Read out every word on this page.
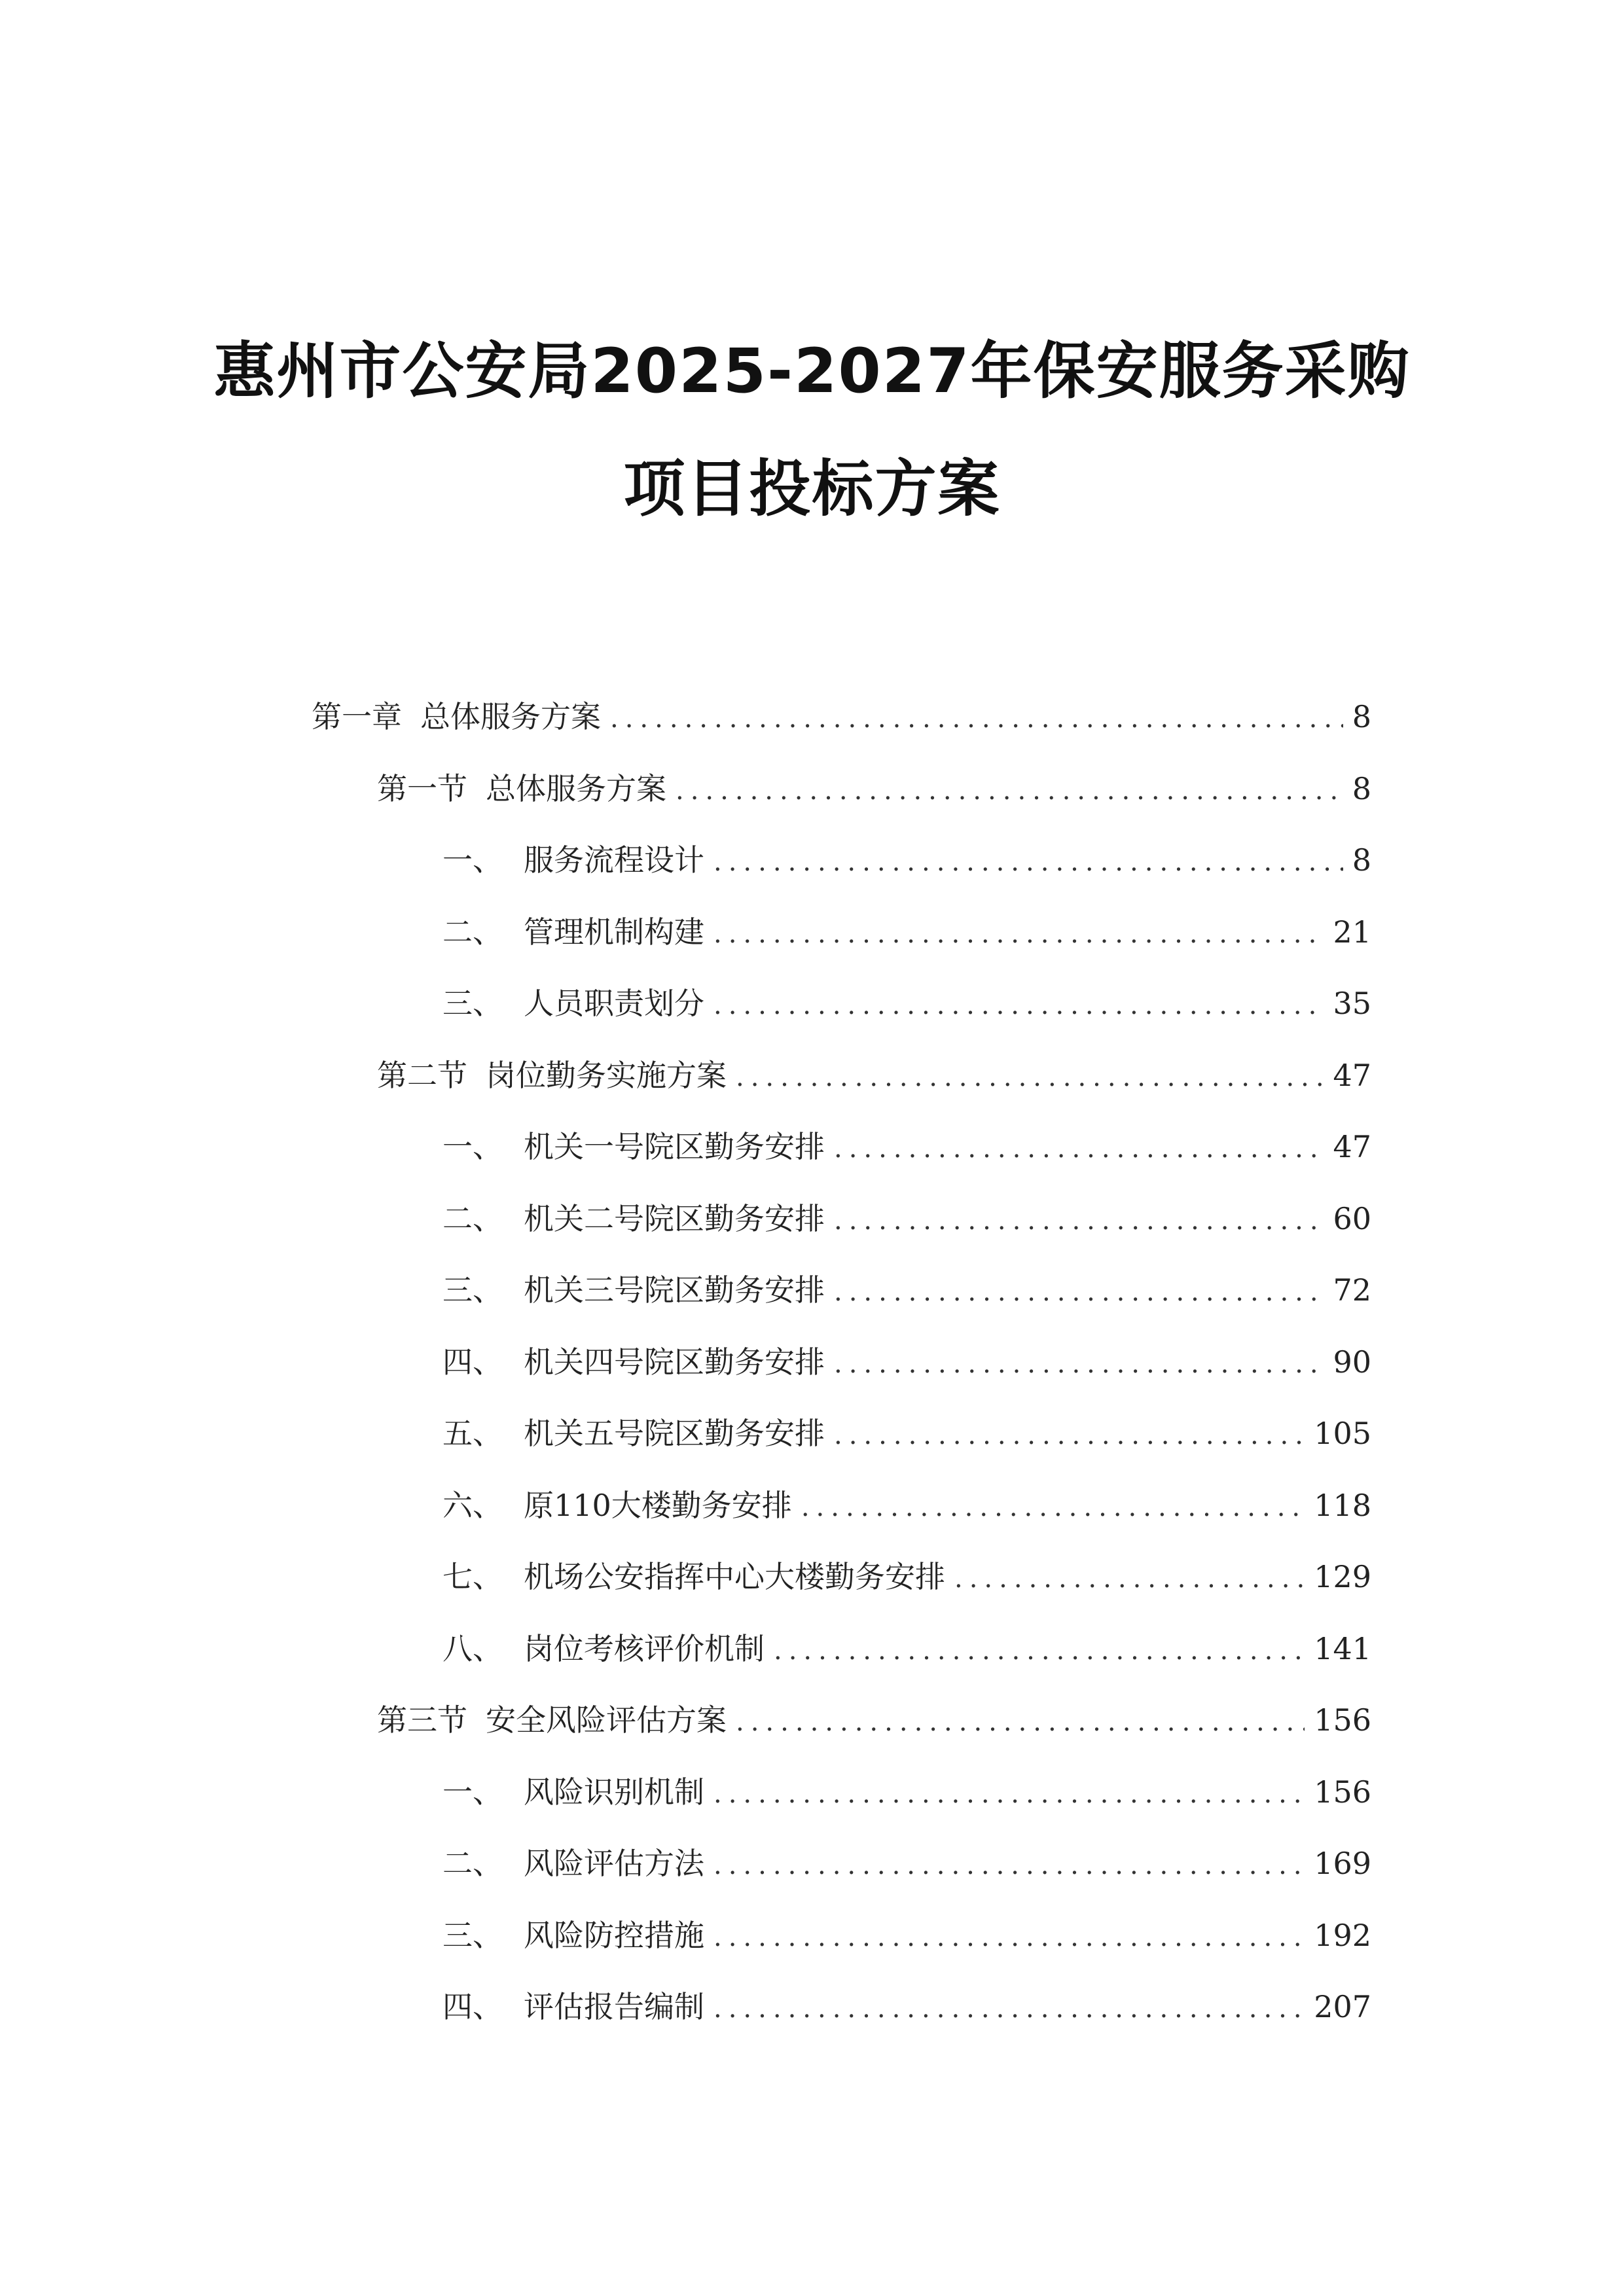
惠州市公安局2025-2027年保安服务采购
项目投标方案
第一章 总体服务方案 .....	8
第一节 总体服务方案 .....	8
一、 服务流程设计 .....	8
二、 管理机制构建 .....	21
三、 人员职责划分 .....	35
第二节 岗位勤务实施方案 .....	47
一、 机关一号院区勤务安排 .....	47
二、 机关二号院区勤务安排 .....	60
三、 机关三号院区勤务安排 .....	72
四、 机关四号院区勤务安排 .....	90
五、 机关五号院区勤务安排 .....	105
六、 原110大楼勤务安排 .....	118
七、 机场公安指挥中心大楼勤务安排 .....	129
八、 岗位考核评价机制 .....	141
第三节 安全风险评估方案 .....	156
一、 风险识别机制 .....	156
二、 风险评估方法 .....	169
三、 风险防控措施 .....	192
四、 评估报告编制 .....	207
